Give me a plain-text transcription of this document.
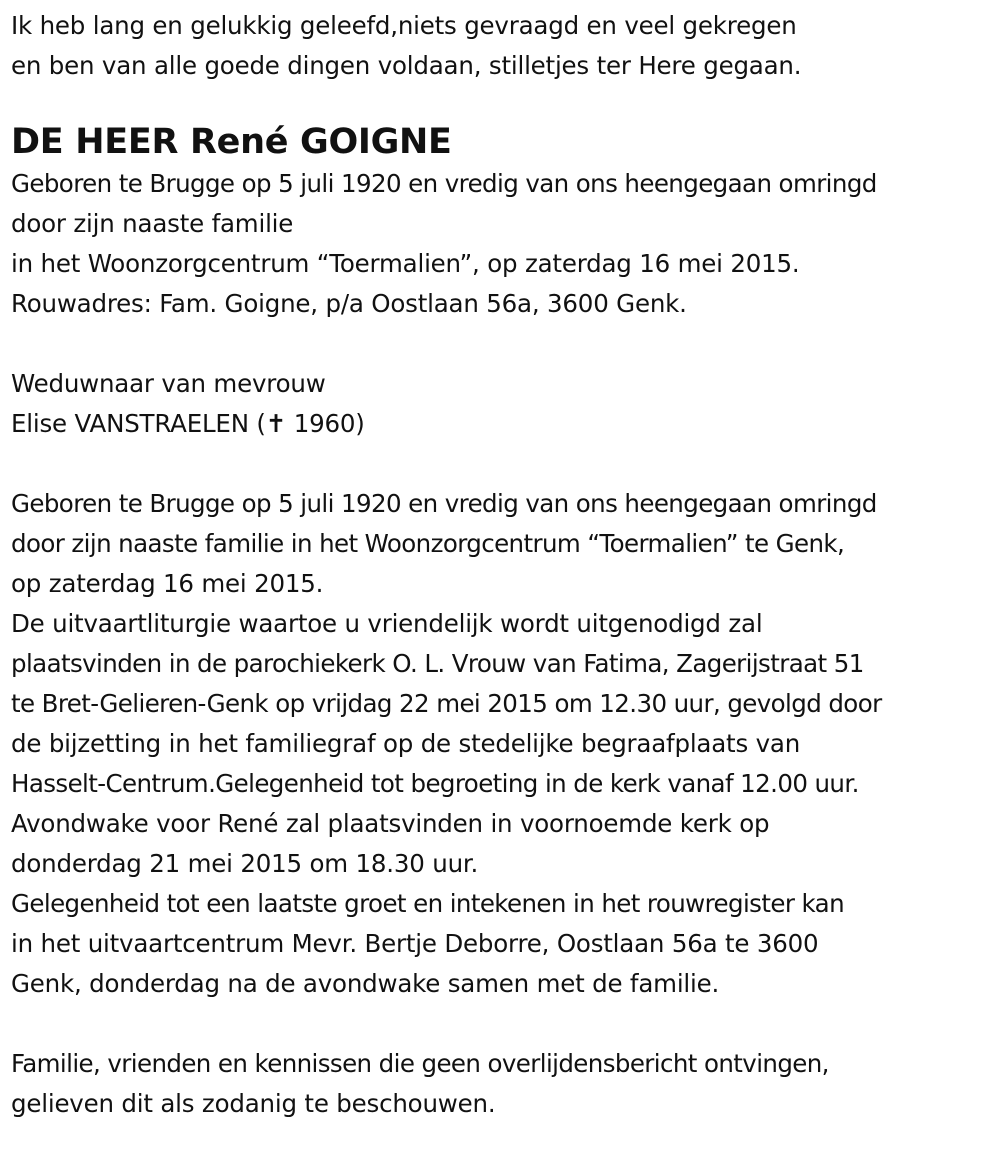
Ik heb lang en gelukkig geleefd,niets gevraagd en veel gekregen
en ben van alle goede dingen voldaan, stilletjes ter Here gegaan.
DE HEER René GOIGNE
Geboren te Brugge op 5 juli 1920 en vredig van ons heengegaan omringd
door zijn naaste familie
in het Woonzorgcentrum “Toermalien”, op zaterdag 16 mei 2015.
Rouwadres: Fam. Goigne, p/a Oostlaan 56a, 3600 Genk.
Weduwnaar van mevrouw
Elise VANSTRAELEN (✝ 1960)
Geboren te Brugge op 5 juli 1920 en vredig van ons heengegaan omringd
door zijn naaste familie in het Woonzorgcentrum “Toermalien” te Genk,
op zaterdag 16 mei 2015.
De uitvaartliturgie waartoe u vriendelijk wordt uitgenodigd zal
plaatsvinden in de parochiekerk O. L. Vrouw van Fatima, Zagerijstraat 51
te Bret-Gelieren-Genk op vrijdag 22 mei 2015 om 12.30 uur, gevolgd door
de bijzetting in het familiegraf op de stedelijke begraafplaats van
Hasselt-Centrum.Gelegenheid tot begroeting in de kerk vanaf 12.00 uur.
Avondwake voor René zal plaatsvinden in voornoemde kerk op
donderdag 21 mei 2015 om 18.30 uur.
Gelegenheid tot een laatste groet en intekenen in het rouwregister kan
in het uitvaartcentrum Mevr. Bertje Deborre, Oostlaan 56a te 3600
Genk, donderdag na de avondwake samen met de familie.
Familie, vrienden en kennissen die geen overlijdensbericht ontvingen,
gelieven dit als zodanig te beschouwen.
